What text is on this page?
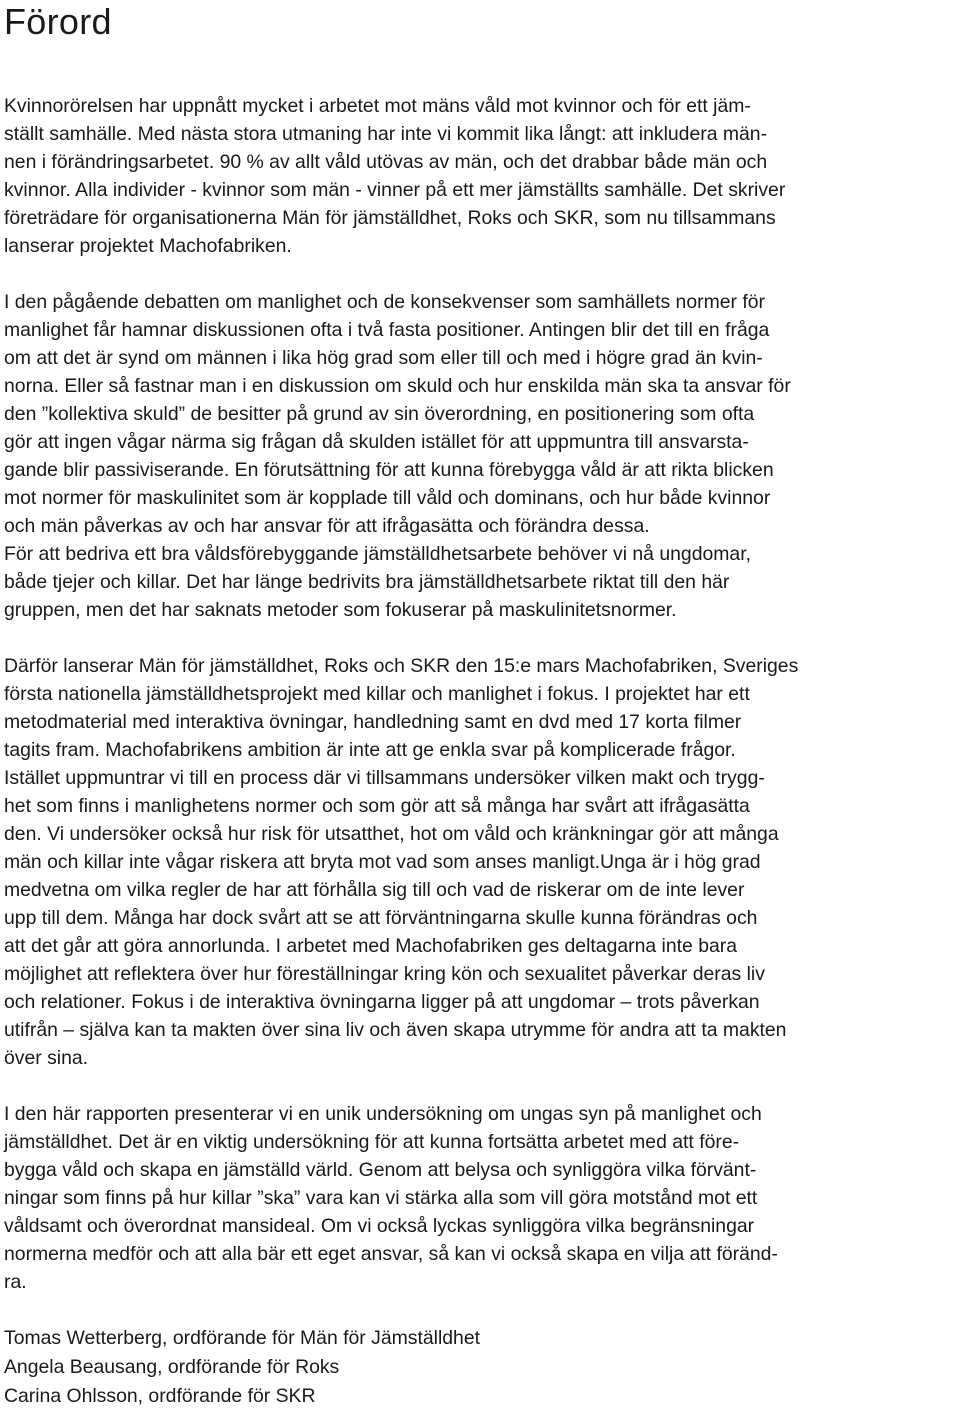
Förord

Kvinnorörelsen har uppnått mycket i arbetet mot mäns våld mot kvinnor och för ett jäm-
ställt samhälle. Med nästa stora utmaning har inte vi kommit lika långt: att inkludera män-
nen i förändringsarbetet. 90 % av allt våld utövas av män, och det drabbar både män och
kvinnor. Alla individer - kvinnor som män - vinner på ett mer jämställts samhälle. Det skriver
företrädare för organisationerna Män för jämställdhet, Roks och SKR, som nu tillsammans
lanserar projektet Machofabriken.

I den pågående debatten om manlighet och de konsekvenser som samhällets normer för
manlighet får hamnar diskussionen ofta i två fasta positioner. Antingen blir det till en fråga
om att det är synd om männen i lika hög grad som eller till och med i högre grad än kvin-
norna. Eller så fastnar man i en diskussion om skuld och hur enskilda män ska ta ansvar för
den ”kollektiva skuld” de besitter på grund av sin överordning, en positionering som ofta
gör att ingen vågar närma sig frågan då skulden istället för att uppmuntra till ansvarsta-
gande blir passiviserande. En förutsättning för att kunna förebygga våld är att rikta blicken
mot normer för maskulinitet som är kopplade till våld och dominans, och hur både kvinnor
och män påverkas av och har ansvar för att ifrågasätta och förändra dessa.

För att bedriva ett bra våldsförebyggande jämställdhetsarbete behöver vi nå ungdomar,
både tjejer och killar. Det har länge bedrivits bra jämställdhetsarbete riktat till den här
gruppen, men det har saknats metoder som fokuserar på maskulinitetsnormer.

Därför lanserar Män för jämställdhet, Roks och SKR den 15:e mars Machofabriken, Sveriges
första nationella jämställdhetsprojekt med killar och manlighet i fokus. I projektet har ett
metodmaterial med interaktiva övningar, handledning samt en dvd med 17 korta filmer
tagits fram. Machofabrikens ambition är inte att ge enkla svar på komplicerade frågor.
Istället uppmuntrar vi till en process där vi tillsammans undersöker vilken makt och trygg-
het som finns i manlighetens normer och som gör att så många har svårt att ifrågasätta
den. Vi undersöker också hur risk för utsatthet, hot om våld och kränkningar gör att många
män och killar inte vågar riskera att bryta mot vad som anses manligt.Unga är i hög grad
medvetna om vilka regler de har att förhålla sig till och vad de riskerar om de inte lever
upp till dem. Många har dock svårt att se att förväntningarna skulle kunna förändras och
att det går att göra annorlunda. I arbetet med Machofabriken ges deltagarna inte bara
möjlighet att reflektera över hur föreställningar kring kön och sexualitet påverkar deras liv
och relationer. Fokus i de interaktiva övningarna ligger på att ungdomar – trots påverkan
utifrån – själva kan ta makten över sina liv och även skapa utrymme för andra att ta makten
över sina.

I den här rapporten presenterar vi en unik undersökning om ungas syn på manlighet och
jämställdhet. Det är en viktig undersökning för att kunna fortsätta arbetet med att före-
bygga våld och skapa en jämställd värld. Genom att belysa och synliggöra vilka förvänt-
ningar som finns på hur killar ”ska” vara kan vi stärka alla som vill göra motstånd mot ett
våldsamt och överordnat mansideal. Om vi också lyckas synliggöra vilka begränsningar
normerna medför och att alla bär ett eget ansvar, så kan vi också skapa en vilja att föränd-
ra.

Tomas Wetterberg, ordförande för Män för Jämställdhet
Angela Beausang, ordförande för Roks
Carina Ohlsson, ordförande för SKR
